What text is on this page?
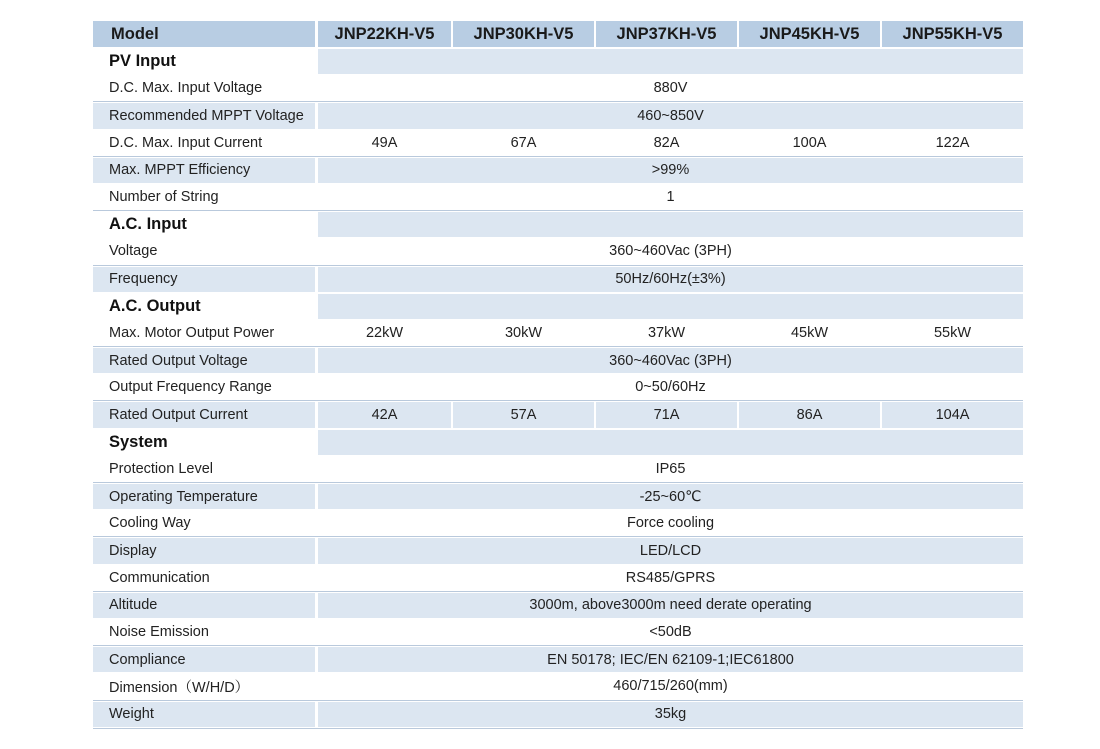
Model	JNP22KH-V5	JNP30KH-V5	JNP37KH-V5	JNP45KH-V5	JNP55KH-V5
PV Input
D.C. Max. Input Voltage	880V
Recommended MPPT Voltage	460~850V
D.C. Max. Input Current	49A	67A	82A	100A	122A
Max. MPPT Efficiency	>99%
Number of String	1
A.C. Input
Voltage	360~460Vac (3PH)
Frequency	50Hz/60Hz(±3%)
A.C. Output
Max. Motor Output Power	22kW	30kW	37kW	45kW	55kW
Rated Output Voltage	360~460Vac (3PH)
Output Frequency Range	0~50/60Hz
Rated Output Current	42A	57A	71A	86A	104A
System
Protection Level	IP65
Operating Temperature	-25~60℃
Cooling Way	Force cooling
Display	LED/LCD
Communication	RS485/GPRS
Altitude	3000m, above3000m need derate operating
Noise Emission	<50dB
Compliance	EN 50178; IEC/EN 62109-1;IEC61800
Dimension（W/H/D）	460/715/260(mm)
Weight	35kg
